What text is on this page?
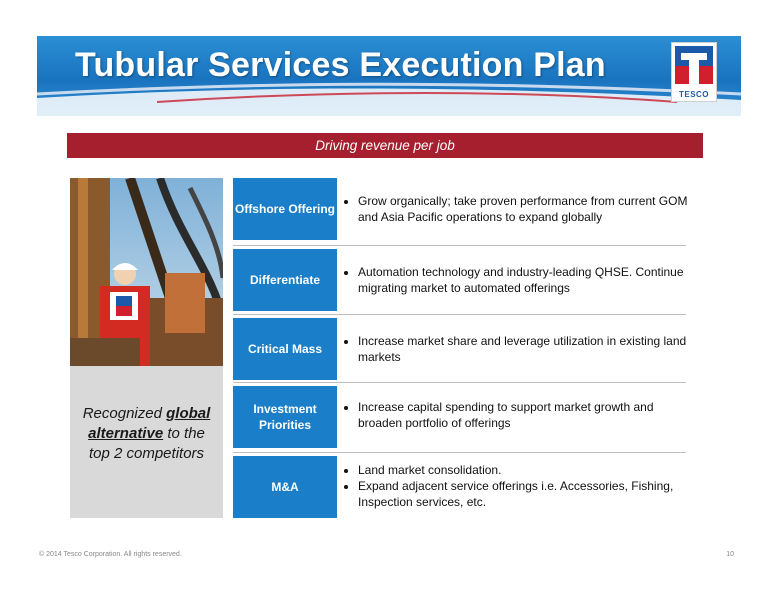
Tubular Services Execution Plan
TESCO
Driving revenue per job
Recognized global alternative to the top 2 competitors
Offshore Offering
• Grow organically; take proven performance from current GOM and Asia Pacific operations to expand globally
Differentiate
• Automation technology and industry-leading QHSE. Continue migrating market to automated offerings
Critical Mass
• Increase market share and leverage utilization in existing land markets
Investment Priorities
• Increase capital spending to support market growth and broaden portfolio of offerings
M&A
• Land market consolidation.
• Expand adjacent service offerings i.e. Accessories, Fishing, Inspection services, etc.
© 2014 Tesco Corporation. All rights reserved.	10
